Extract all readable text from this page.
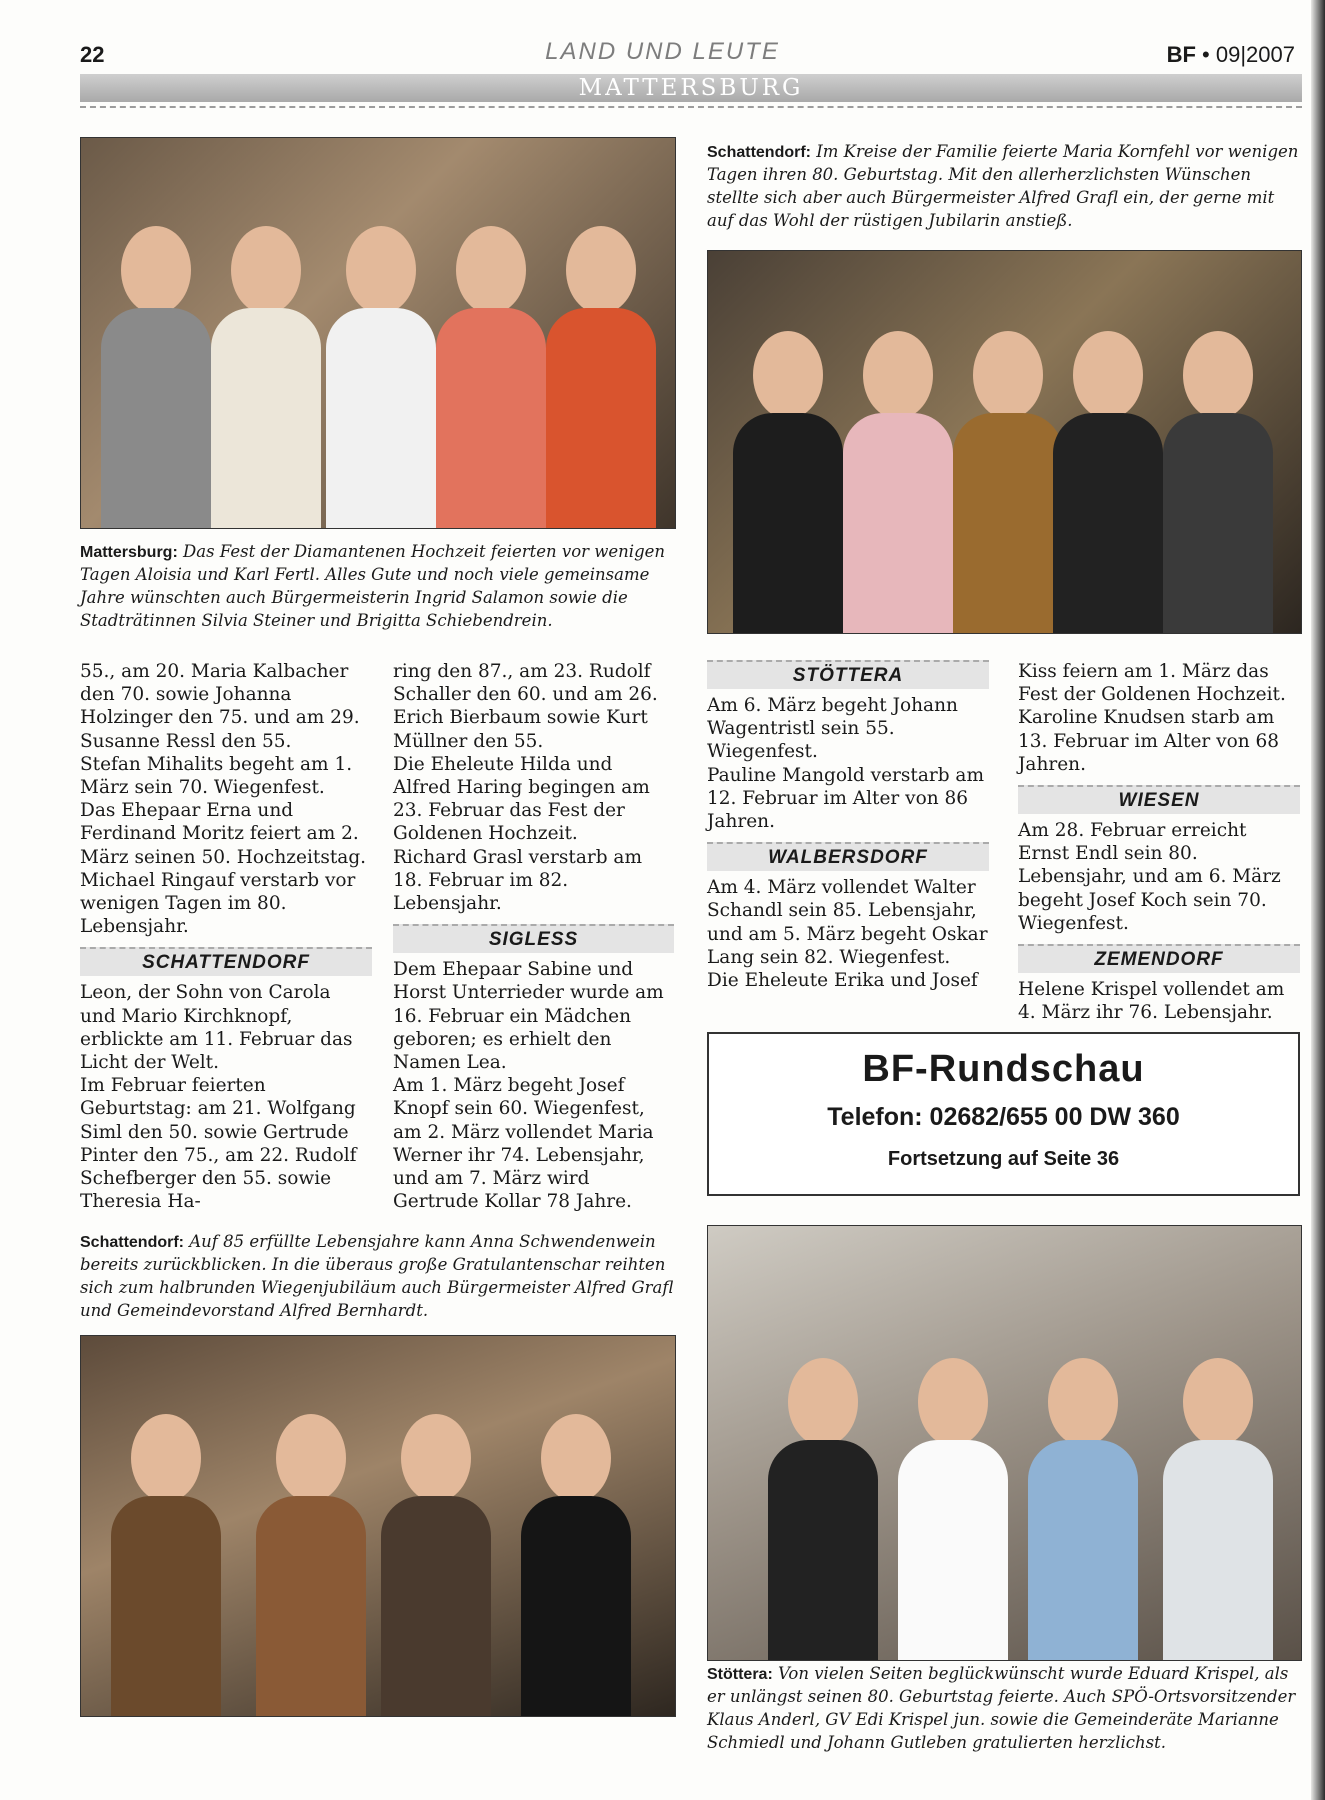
22	LAND UND LEUTE	BF • 09|2007
MATTERSBURG
Mattersburg: Das Fest der Diamantenen Hochzeit feierten vor wenigen Tagen Aloisia und Karl Fertl. Alles Gute und noch viele gemeinsame Jahre wünschten auch Bürgermeisterin Ingrid Salamon sowie die Stadträtinnen Silvia Steiner und Brigitta Schiebendrein.
Schattendorf: Im Kreise der Familie feierte Maria Kornfehl vor wenigen Tagen ihren 80. Geburtstag. Mit den allerherzlichsten Wünschen stellte sich aber auch Bürgermeister Alfred Grafl ein, der gerne mit auf das Wohl der rüstigen Jubilarin anstieß.

55., am 20. Maria Kalbacher den 70. sowie Johanna Holzinger den 75. und am 29. Susanne Ressl den 55.

Stefan Mihalits begeht am 1. März sein 70. Wiegenfest.

Das Ehepaar Erna und Ferdinand Moritz feiert am 2. März seinen 50. Hochzeitstag.

Michael Ringauf verstarb vor wenigen Tagen im 80. Lebensjahr.

SCHATTENDORF

Leon, der Sohn von Carola und Mario Kirchknopf, erblickte am 11. Februar das Licht der Welt.

Im Februar feierten Geburtstag: am 21. Wolfgang Siml den 50. sowie Gertrude Pinter den 75., am 22. Rudolf Schefberger den 55. sowie Theresia Ha-

ring den 87., am 23. Rudolf Schaller den 60. und am 26. Erich Bierbaum sowie Kurt Müllner den 55.

Die Eheleute Hilda und Alfred Haring begingen am 23. Februar das Fest der Goldenen Hochzeit.

Richard Grasl verstarb am 18. Februar im 82. Lebensjahr.

SIGLESS

Dem Ehepaar Sabine und Horst Unterrieder wurde am 16. Februar ein Mädchen geboren; es erhielt den Namen Lea.

Am 1. März begeht Josef Knopf sein 60. Wiegenfest, am 2. März vollendet Maria Werner ihr 74. Lebensjahr, und am 7. März wird Gertrude Kollar 78 Jahre.

STÖTTERA

Am 6. März begeht Johann Wagentristl sein 55. Wiegenfest.

Pauline Mangold verstarb am 12. Februar im Alter von 86 Jahren.

WALBERSDORF

Am 4. März vollendet Walter Schandl sein 85. Lebensjahr, und am 5. März begeht Oskar Lang sein 82. Wiegenfest.

Die Eheleute Erika und Josef

Kiss feiern am 1. März das Fest der Goldenen Hochzeit.

Karoline Knudsen starb am 13. Februar im Alter von 68 Jahren.

WIESEN

Am 28. Februar erreicht Ernst Endl sein 80. Lebensjahr, und am 6. März begeht Josef Koch sein 70. Wiegenfest.

ZEMENDORF

Helene Krispel vollendet am 4. März ihr 76. Lebensjahr.

BF-Rundschau
Telefon: 02682/655 00 DW 360
Fortsetzung auf Seite 36
Schattendorf: Auf 85 erfüllte Lebensjahre kann Anna Schwendenwein bereits zurückblicken. In die überaus große Gratulantenschar reihten sich zum halbrunden Wiegenjubiläum auch Bürgermeister Alfred Grafl und Gemeindevorstand Alfred Bernhardt.
Stöttera: Von vielen Seiten beglückwünscht wurde Eduard Krispel, als er unlängst seinen 80. Geburtstag feierte. Auch SPÖ-Ortsvorsitzender Klaus Anderl, GV Edi Krispel jun. sowie die Gemeinderäte Marianne Schmiedl und Johann Gutleben gratulierten herzlichst.
